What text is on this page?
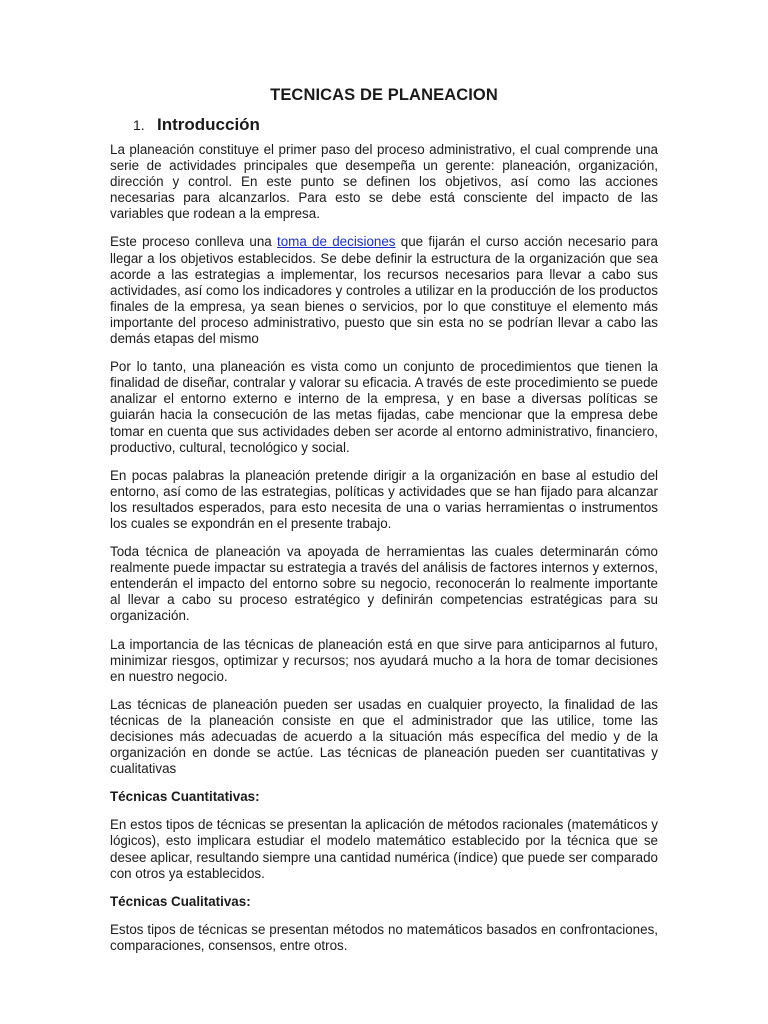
TECNICAS DE PLANEACION
1. Introducción

La planeación constituye el primer paso del proceso administrativo, el cual comprende una serie de actividades principales que desempeña un gerente: planeación, organización, dirección y control. En este punto se definen los objetivos, así como las acciones necesarias para alcanzarlos. Para esto se debe está consciente del impacto de las variables que rodean a la empresa.

Este proceso conlleva una toma de decisiones que fijarán el curso acción necesario para llegar a los objetivos establecidos. Se debe definir la estructura de la organización que sea acorde a las estrategias a implementar, los recursos necesarios para llevar a cabo sus actividades, así como los indicadores y controles a utilizar en la producción de los productos finales de la empresa, ya sean bienes o servicios, por lo que constituye el elemento más importante del proceso administrativo, puesto que sin esta no se podrían llevar a cabo las demás etapas del mismo

Por lo tanto, una planeación es vista como un conjunto de procedimientos que tienen la finalidad de diseñar, contralar y valorar su eficacia. A través de este procedimiento se puede analizar el entorno externo e interno de la empresa, y en base a diversas políticas se guiarán hacia la consecución de las metas fijadas, cabe mencionar que la empresa debe tomar en cuenta que sus actividades deben ser acorde al entorno administrativo, financiero, productivo, cultural, tecnológico y social.

En pocas palabras la planeación pretende dirigir a la organización en base al estudio del entorno, así como de las estrategias, políticas y actividades que se han fijado para alcanzar los resultados esperados, para esto necesita de una o varias herramientas o instrumentos los cuales se expondrán en el presente trabajo.

Toda técnica de planeación va apoyada de herramientas las cuales determinarán cómo realmente puede impactar su estrategia a través del análisis de factores internos y externos, entenderán el impacto del entorno sobre su negocio, reconocerán lo realmente importante al llevar a cabo su proceso estratégico y definirán competencias estratégicas para su organización.

La importancia de las técnicas de planeación está en que sirve para anticiparnos al futuro, minimizar riesgos, optimizar y recursos; nos ayudará mucho a la hora de tomar decisiones en nuestro negocio.

Las técnicas de planeación pueden ser usadas en cualquier proyecto, la finalidad de las técnicas de la planeación consiste en que el administrador que las utilice, tome las decisiones más adecuadas de acuerdo a la situación más específica del medio y de la organización en donde se actúe. Las técnicas de planeación pueden ser cuantitativas y cualitativas

Técnicas Cuantitativas:

En estos tipos de técnicas se presentan la aplicación de métodos racionales (matemáticos y lógicos), esto implicara estudiar el modelo matemático establecido por la técnica que se desee aplicar, resultando siempre una cantidad numérica (índice) que puede ser comparado con otros ya establecidos.

Técnicas Cualitativas:

Estos tipos de técnicas se presentan métodos no matemáticos basados en confrontaciones, comparaciones, consensos, entre otros.
